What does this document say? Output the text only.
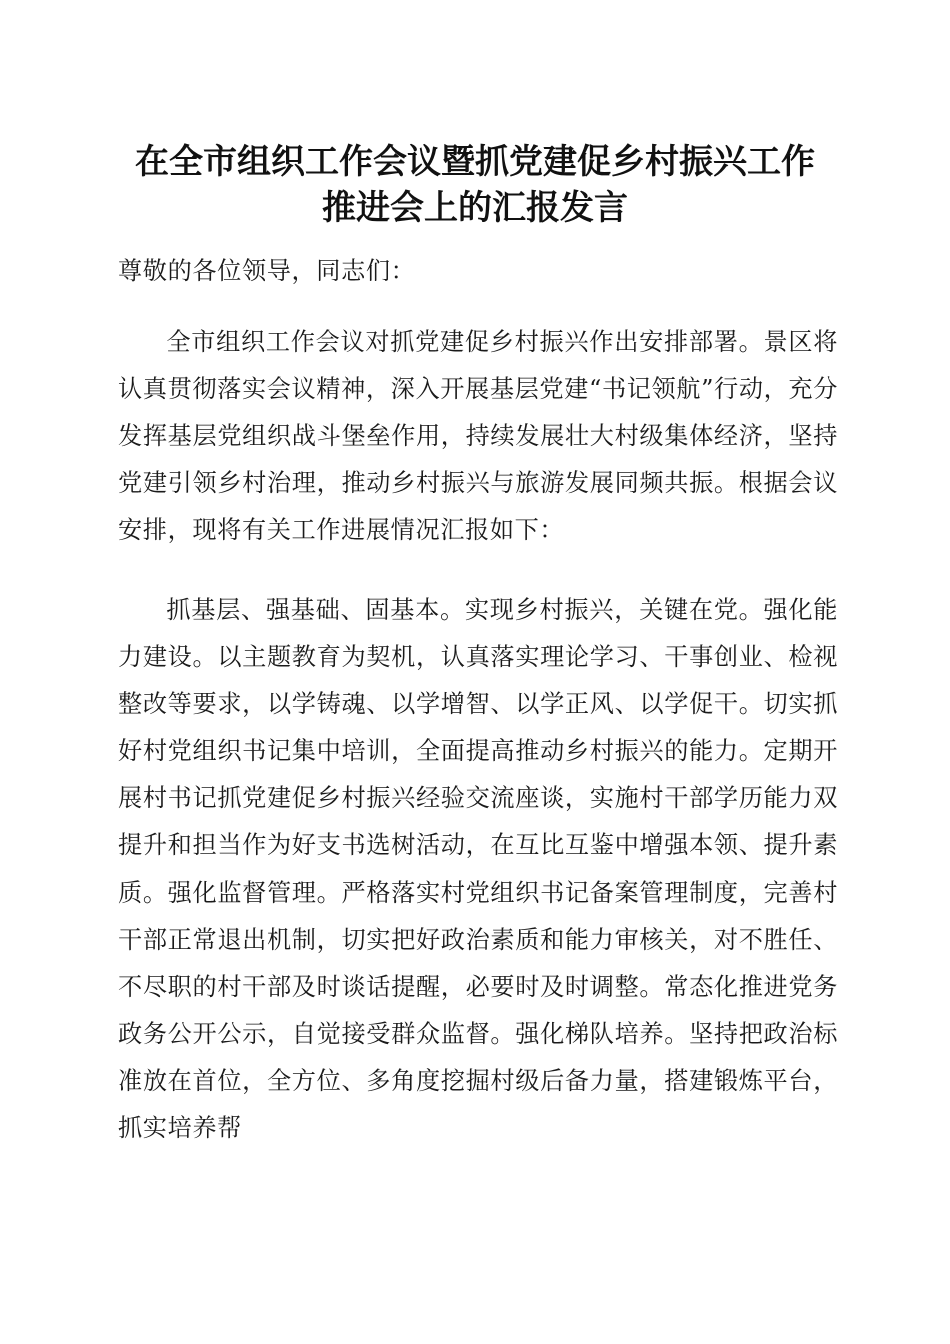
在全市组织工作会议暨抓党建促乡村振兴工作
推进会上的汇报发言

尊敬的各位领导，同志们：

全市组织工作会议对抓党建促乡村振兴作出安排部署。景区将认真贯彻落实会议精神，深入开展基层党建“书记领航”行动，充分发挥基层党组织战斗堡垒作用，持续发展壮大村级集体经济，坚持党建引领乡村治理，推动乡村振兴与旅游发展同频共振。根据会议安排，现将有关工作进展情况汇报如下：

抓基层、强基础、固基本。实现乡村振兴，关键在党。强化能力建设。以主题教育为契机，认真落实理论学习、干事创业、检视整改等要求，以学铸魂、以学增智、以学正风、以学促干。切实抓好村党组织书记集中培训，全面提高推动乡村振兴的能力。定期开展村书记抓党建促乡村振兴经验交流座谈，实施村干部学历能力双提升和担当作为好支书选树活动，在互比互鉴中增强本领、提升素质。强化监督管理。严格落实村党组织书记备案管理制度，完善村干部正常退出机制，切实把好政治素质和能力审核关，对不胜任、不尽职的村干部及时谈话提醒，必要时及时调整。常态化推进党务政务公开公示，自觉接受群众监督。强化梯队培养。坚持把政治标准放在首位，全方位、多角度挖掘村级后备力量，搭建锻炼平台，抓实培养帮
